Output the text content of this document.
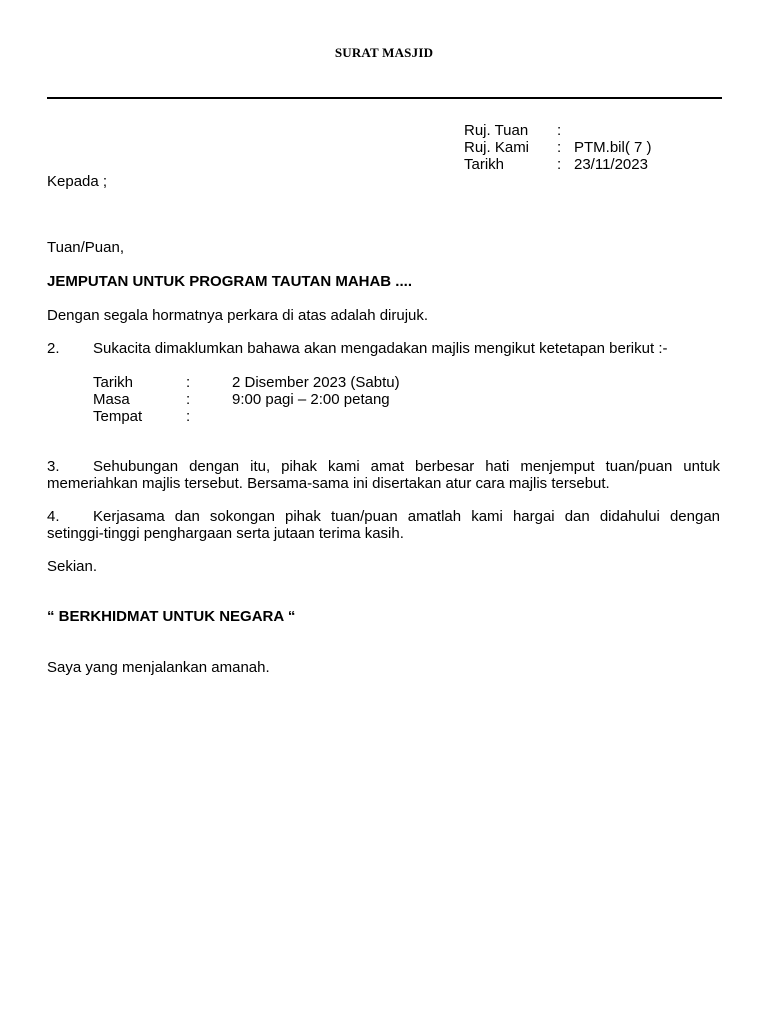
SURAT MASJID
Ruj. Tuan	:
Ruj. Kami	: PTM.bil( 7 )
Tarikh	: 23/11/2023
Kepada ;
Tuan/Puan,
JEMPUTAN UNTUK PROGRAM TAUTAN MAHAB ....
Dengan segala hormatnya perkara di atas adalah dirujuk.
2. Sukacita dimaklumkan bahawa akan mengadakan majlis mengikut ketetapan berikut :-
Tarikh	:	2 Disember 2023 (Sabtu)
Masa	:	9:00 pagi – 2:00 petang
Tempat	:
3. Sehubungan dengan itu, pihak kami amat berbesar hati menjemput tuan/puan untuk memeriahkan majlis tersebut. Bersama-sama ini disertakan atur cara majlis tersebut.
4. Kerjasama dan sokongan pihak tuan/puan amatlah kami hargai dan didahului dengan setinggi-tinggi penghargaan serta jutaan terima kasih.
Sekian.
“ BERKHIDMAT UNTUK NEGARA “
Saya yang menjalankan amanah.
